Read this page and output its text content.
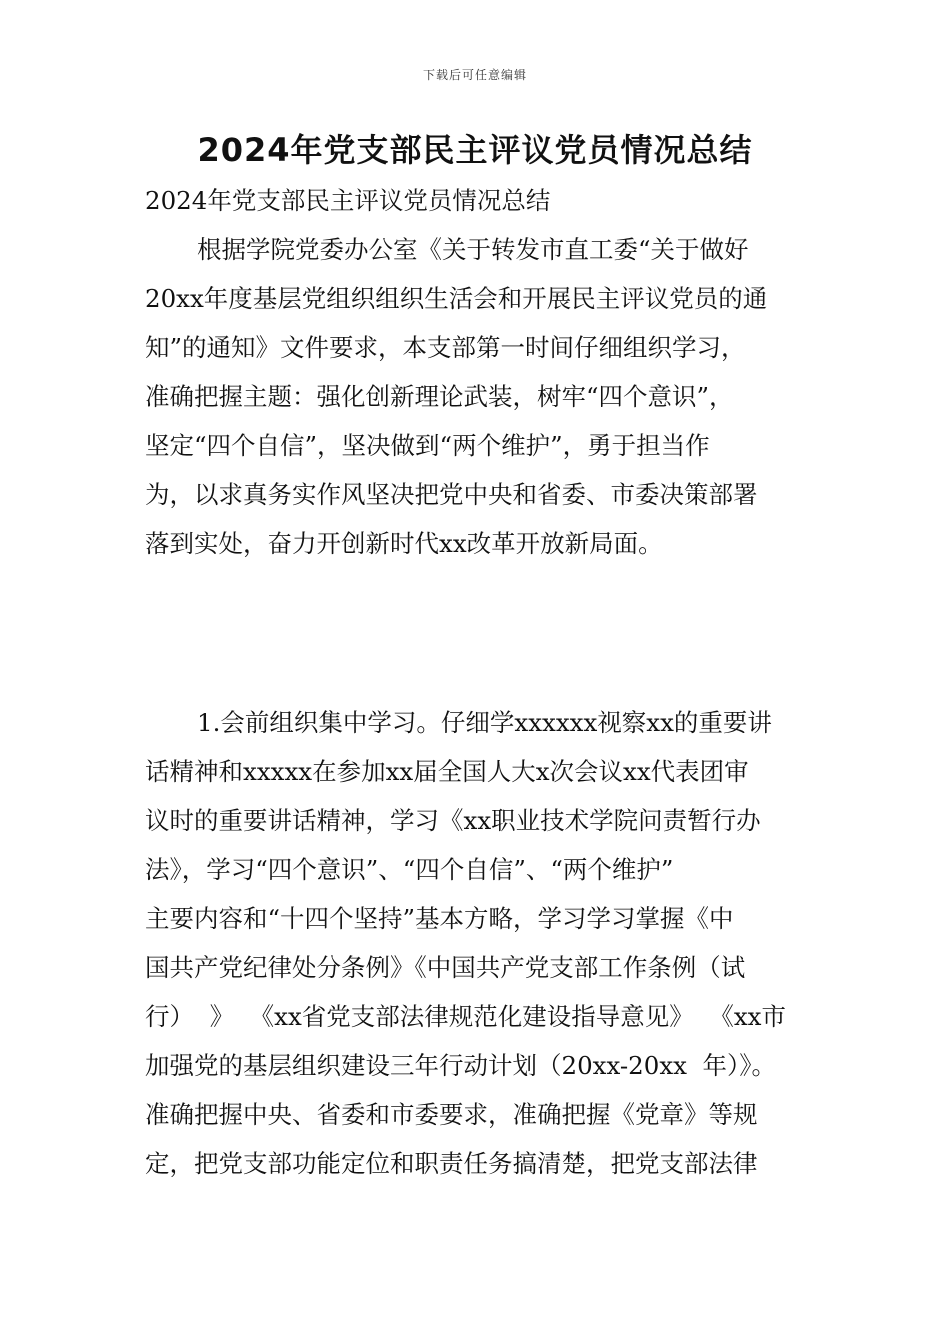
下载后可任意编辑
2024年党支部民主评议党员情况总结

2024年党支部民主评议党员情况总结

根据学院党委办公室《关于转发市直工委“关于做好
20xx年度基层党组织组织生活会和开展民主评议党员的通
知”的通知》文件要求，本支部第一时间仔细组织学习，
准确把握主题：强化创新理论武装，树牢“四个意识”，
坚定“四个自信”，坚决做到“两个维护”，勇于担当作
为，以求真务实作风坚决把党中央和省委、市委决策部署
落到实处，奋力开创新时代xx改革开放新局面。
1.会前组织集中学习。仔细学xxxxxx视察xx的重要讲
话精神和xxxxx在参加xx届全国人大x次会议xx代表团审
议时的重要讲话精神，学习《xx职业技术学院问责暂行办
法》，学习“四个意识”、“四个自信”、“两个维护”
主要内容和“十四个坚持”基本方略，学习学习掌握《中
国共产党纪律处分条例》《中国共产党支部工作条例（试
行）  》  《xx省党支部法律规范化建设指导意见》  《xx市
加强党的基层组织建设三年行动计划（20xx-20xx  年）》。
准确把握中央、省委和市委要求，准确把握《党章》等规
定，把党支部功能定位和职责任务搞清楚，把党支部法律
